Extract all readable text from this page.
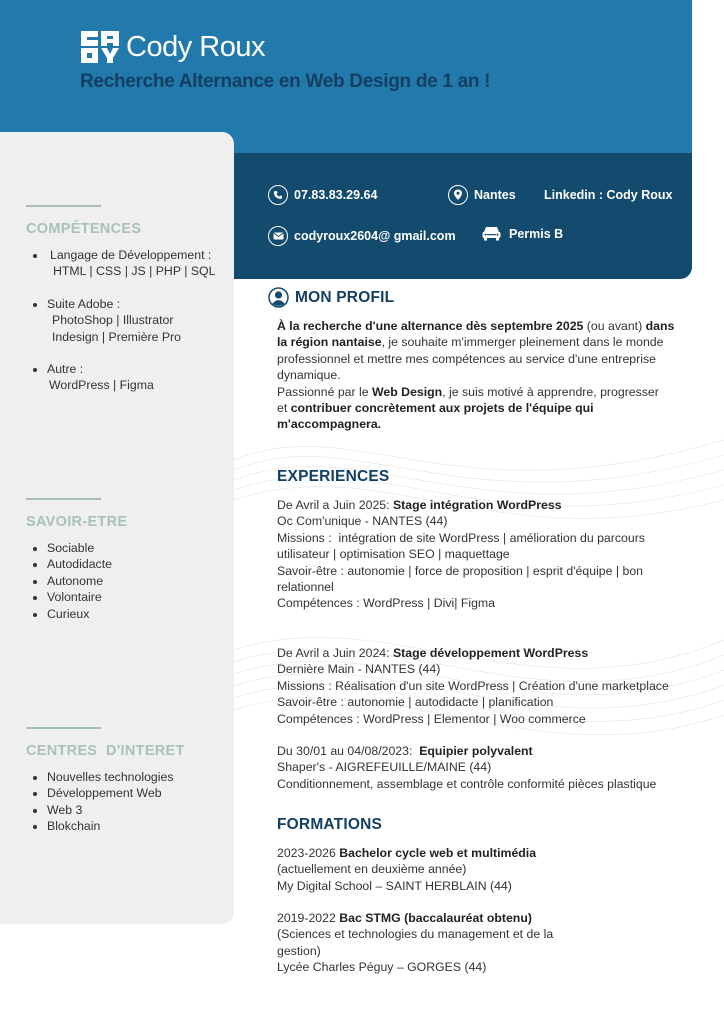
Cody Roux
Recherche Alternance en Web Design de 1 an !
07.83.83.29.64	Nantes Linkedin : Cody Roux
codyroux2604@ gmail.com	Permis B
COMPÉTENCES
Langage de Développement :
HTML | CSS | JS | PHP | SQL
Suite Adobe :
PhotoShop | Illustrator
Indesign | Première Pro
Autre :
WordPress | Figma
SAVOIR-ETRE
Sociable
Autodidacte
Autonome
Volontaire
Curieux
CENTRES  D'INTERET
Nouvelles technologies
Développement Web
Web 3
Blokchain
MON PROFIL
À la recherche d'une alternance dès septembre 2025 (ou avant) dans
la région nantaise, je souhaite m'immerger pleinement dans le monde
professionnel et mettre mes compétences au service d'une entreprise
dynamique.
Passionné par le Web Design, je suis motivé à apprendre, progresser
et contribuer concrètement aux projets de l'équipe qui
m'accompagnera.
EXPERIENCES
De Avril a Juin 2025: Stage intégration WordPress
Oc Com'unique - NANTES (44)
Missions :  intégration de site WordPress | amélioration du parcours
utilisateur | optimisation SEO | maquettage
Savoir-être : autonomie | force de proposition | esprit d'équipe | bon
relationnel
Compétences : WordPress | Divi| Figma
De Avril a Juin 2024: Stage développement WordPress
Dernière Main - NANTES (44)
Missions : Réalisation d'un site WordPress | Création d'une marketplace
Savoir-être : autonomie | autodidacte | planification
Compétences : WordPress | Elementor | Woo commerce
Du 30/01 au 04/08/2023:  Equipier polyvalent
Shaper's - AIGREFEUILLE/MAINE (44)
Conditionnement, assemblage et contrôle conformité pièces plastique
FORMATIONS
2023-2026 Bachelor cycle web et multimédia
(actuellement en deuxième année)
My Digital School – SAINT HERBLAIN (44)
2019-2022 Bac STMG (baccalauréat obtenu)
(Sciences et technologies du management et de la
gestion)
Lycée Charles Péguy – GORGES (44)
